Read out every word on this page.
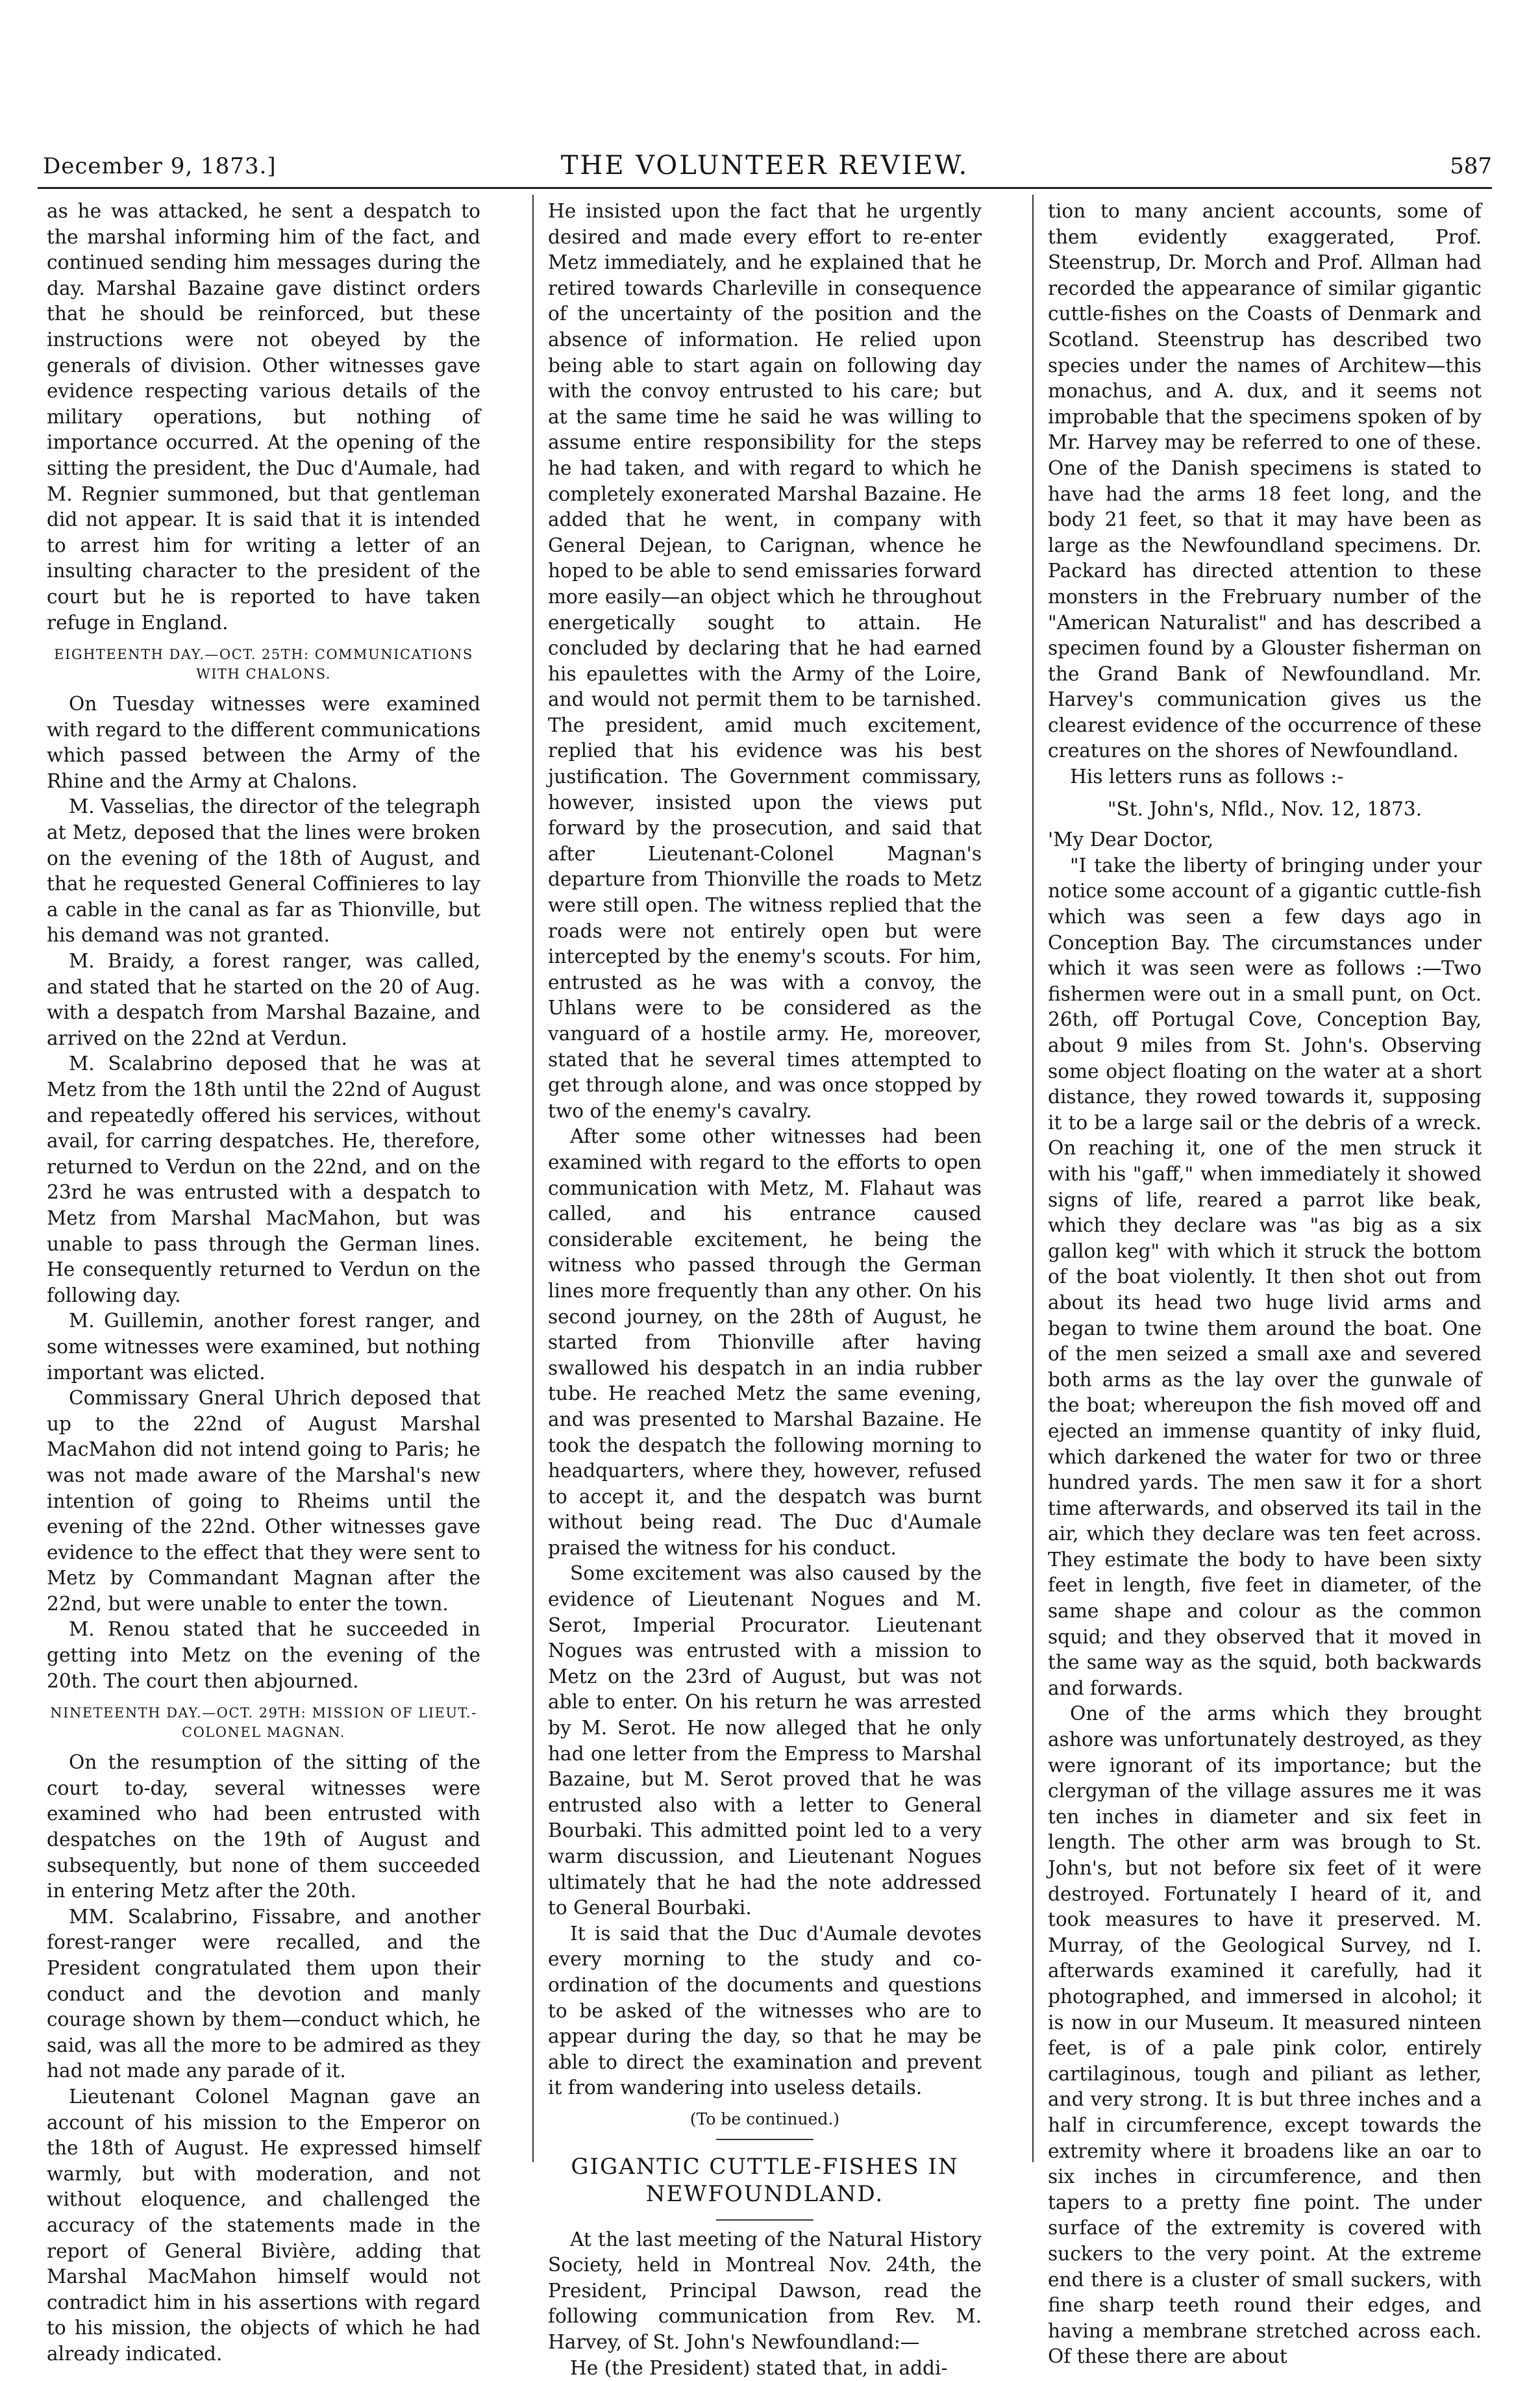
December 9, 1873.]	THE VOLUNTEER REVIEW.	587

as he was attacked, he sent a despatch to the marshal informing him of the fact, and continued sending him messages during the day. Marshal Bazaine gave distinct orders that he should be reinforced, but these instructions were not obeyed by the generals of division. Other witnesses gave evidence respecting various details of the military operations, but nothing of importance occurred. At the opening of the sitting the president, the Duc d'Aumale, had M. Regnier summoned, but that gentleman did not appear. It is said that it is intended to arrest him for writing a letter of an insulting character to the president of the court but he is reported to have taken refuge in England.

EIGHTEENTH DAY.—OCT. 25TH: COMMUNICATIONS WITH CHALONS.

On Tuesday witnesses were examined with regard to the different communications which passed between the Army of the Rhine and the Army at Chalons.

M. Vasselias, the director of the telegraph at Metz, deposed that the lines were broken on the evening of the 18th of August, and that he requested General Coffinieres to lay a cable in the canal as far as Thionville, but his demand was not granted.

M. Braidy, a forest ranger, was called, and stated that he started on the 20 of Aug. with a despatch from Marshal Bazaine, and arrived on the 22nd at Verdun.

M. Scalabrino deposed that he was at Metz from the 18th until the 22nd of August and repeatedly offered his services, without avail, for carring despatches. He, therefore, returned to Verdun on the 22nd, and on the 23rd he was entrusted with a despatch to Metz from Marshal MacMahon, but was unable to pass through the German lines. He consequently returned to Verdun on the following day.

M. Guillemin, another forest ranger, and some witnesses were examined, but nothing important was elicted.

Commissary Gneral Uhrich deposed that up to the 22nd of August Marshal MacMahon did not intend going to Paris; he was not made aware of the Marshal's new intention of going to Rheims until the evening of the 22nd. Other witnesses gave evidence to the effect that they were sent to Metz by Commandant Magnan after the 22nd, but were unable to enter the town.

M. Renou stated that he succeeded in getting into Metz on the evening of the 20th. The court then abjourned.

NINETEENTH DAY.—OCT. 29TH: MISSION OF LIEUT.-COLONEL MAGNAN.

On the resumption of the sitting of the court to-day, several witnesses were examined who had been entrusted with despatches on the 19th of August and subsequently, but none of them succeeded in entering Metz after the 20th.

MM. Scalabrino, Fissabre, and another forest-ranger were recalled, and the President congratulated them upon their conduct and the devotion and manly courage shown by them—conduct which, he said, was all the more to be admired as they had not made any parade of it.

Lieutenant Colonel Magnan gave an account of his mission to the Emperor on the 18th of August. He expressed himself warmly, but with moderation, and not without eloquence, and challenged the accuracy of the statements made in the report of General Bivière, adding that Marshal MacMahon himself would not contradict him in his assertions with regard to his mission, the objects of which he had already indicated.

He insisted upon the fact that he urgently desired and made every effort to re-enter Metz immediately, and he explained that he retired towards Charleville in consequence of the uncertainty of the position and the absence of information. He relied upon being able to start again on following day with the convoy entrusted to his care; but at the same time he said he was willing to assume entire responsibility for the steps he had taken, and with regard to which he completely exonerated Marshal Bazaine. He added that he went, in company with General Dejean, to Carignan, whence he hoped to be able to send emissaries forward more easily—an object which he throughout energetically sought to attain. He concluded by declaring that he had earned his epaulettes with the Army of the Loire, and would not permit them to be tarnished. The president, amid much excitement, replied that his evidence was his best justification. The Government commissary, however, insisted upon the views put forward by the prosecution, and said that after Lieutenant-Colonel Magnan's departure from Thionville the roads to Metz were still open. The witness replied that the roads were not entirely open but were intercepted by the enemy's scouts. For him, entrusted as he was with a convoy, the Uhlans were to be considered as the vanguard of a hostile army. He, moreover, stated that he several times attempted to get through alone, and was once stopped by two of the enemy's cavalry.

After some other witnesses had been examined with regard to the efforts to open communication with Metz, M. Flahaut was called, and his entrance caused considerable excitement, he being the witness who passed through the German lines more frequently than any other. On his second journey, on the 28th of August, he started from Thionville after having swallowed his despatch in an india rubber tube. He reached Metz the same evening, and was presented to Marshal Bazaine. He took the despatch the following morning to headquarters, where they, however, refused to accept it, and the despatch was burnt without being read. The Duc d'Aumale praised the witness for his conduct.

Some excitement was also caused by the evidence of Lieutenant Nogues and M. Serot, Imperial Procurator. Lieutenant Nogues was entrusted with a mission to Metz on the 23rd of August, but was not able to enter. On his return he was arrested by M. Serot. He now alleged that he only had one letter from the Empress to Marshal Bazaine, but M. Serot proved that he was entrusted also with a letter to General Bourbaki. This admitted point led to a very warm discussion, and Lieutenant Nogues ultimately that he had the note addressed to General Bourbaki.

It is said that the Duc d'Aumale devotes every morning to the study and co-ordination of the documents and questions to be asked of the witnesses who are to appear during the day, so that he may be able to direct the examination and prevent it from wandering into useless details.

(To be continued.)
GIGANTIC CUTTLE-FISHES IN NEWFOUNDLAND.

At the last meeting of the Natural History Society, held in Montreal Nov. 24th, the President, Principal Dawson, read the following communication from Rev. M. Harvey, of St. John's Newfoundland:—

He (the President) stated that, in addi-

tion to many ancient accounts, some of them evidently exaggerated, Prof. Steenstrup, Dr. Morch and Prof. Allman had recorded the appearance of similar gigantic cuttle-fishes on the Coasts of Denmark and Scotland. Steenstrup has described two species under the names of Architew—this monachus, and A. dux, and it seems not improbable that the specimens spoken of by Mr. Harvey may be referred to one of these. One of the Danish specimens is stated to have had the arms 18 feet long, and the body 21 feet, so that it may have been as large as the Newfoundland specimens. Dr. Packard has directed attention to these monsters in the Frebruary number of the "American Naturalist" and has described a specimen found by a Glouster fisherman on the Grand Bank of Newfoundland. Mr. Harvey's communication gives us the clearest evidence of the occurrence of these creatures on the shores of Newfoundland.

His letters runs as follows :-

"St. John's, Nfld., Nov. 12, 1873.

'My Dear Doctor,

"I take the liberty of bringing under your notice some account of a gigantic cuttle-fish which was seen a few days ago in Conception Bay. The circumstances under which it was seen were as follows :—Two fishermen were out in a small punt, on Oct. 26th, off Portugal Cove, Conception Bay, about 9 miles from St. John's. Observing some object floating on the water at a short distance, they rowed towards it, supposing it to be a large sail or the debris of a wreck. On reaching it, one of the men struck it with his "gaff," when immediately it showed signs of life, reared a parrot like beak, which they declare was "as big as a six gallon keg" with which it struck the bottom of the boat violently. It then shot out from about its head two huge livid arms and began to twine them around the boat. One of the men seized a small axe and severed both arms as the lay over the gunwale of the boat; whereupon the fish moved off and ejected an immense quantity of inky fluid, which darkened the water for two or three hundred yards. The men saw it for a short time afterwards, and observed its tail in the air, which they declare was ten feet across. They estimate the body to have been sixty feet in length, five feet in diameter, of the same shape and colour as the common squid; and they observed that it moved in the same way as the squid, both backwards and forwards.

One of the arms which they brought ashore was unfortunately destroyed, as they were ignorant of its importance; but the clergyman of the village assures me it was ten inches in diameter and six feet in length. The other arm was brough to St. John's, but not before six feet of it were destroyed. Fortunately I heard of it, and took measures to have it preserved. M. Murray, of the Geological Survey, nd I. afterwards examined it carefully, had it photographed, and immersed in alcohol; it is now in our Museum. It measured ninteen feet, is of a pale pink color, entirely cartilaginous, tough and piliant as lether, and very strong. It is but three inches and a half in circumference, except towards the extremity where it broadens like an oar to six inches in circumference, and then tapers to a pretty fine point. The under surface of the extremity is covered with suckers to the very point. At the extreme end there is a cluster of small suckers, with fine sharp teeth round their edges, and having a membrane stretched across each. Of these there are about
